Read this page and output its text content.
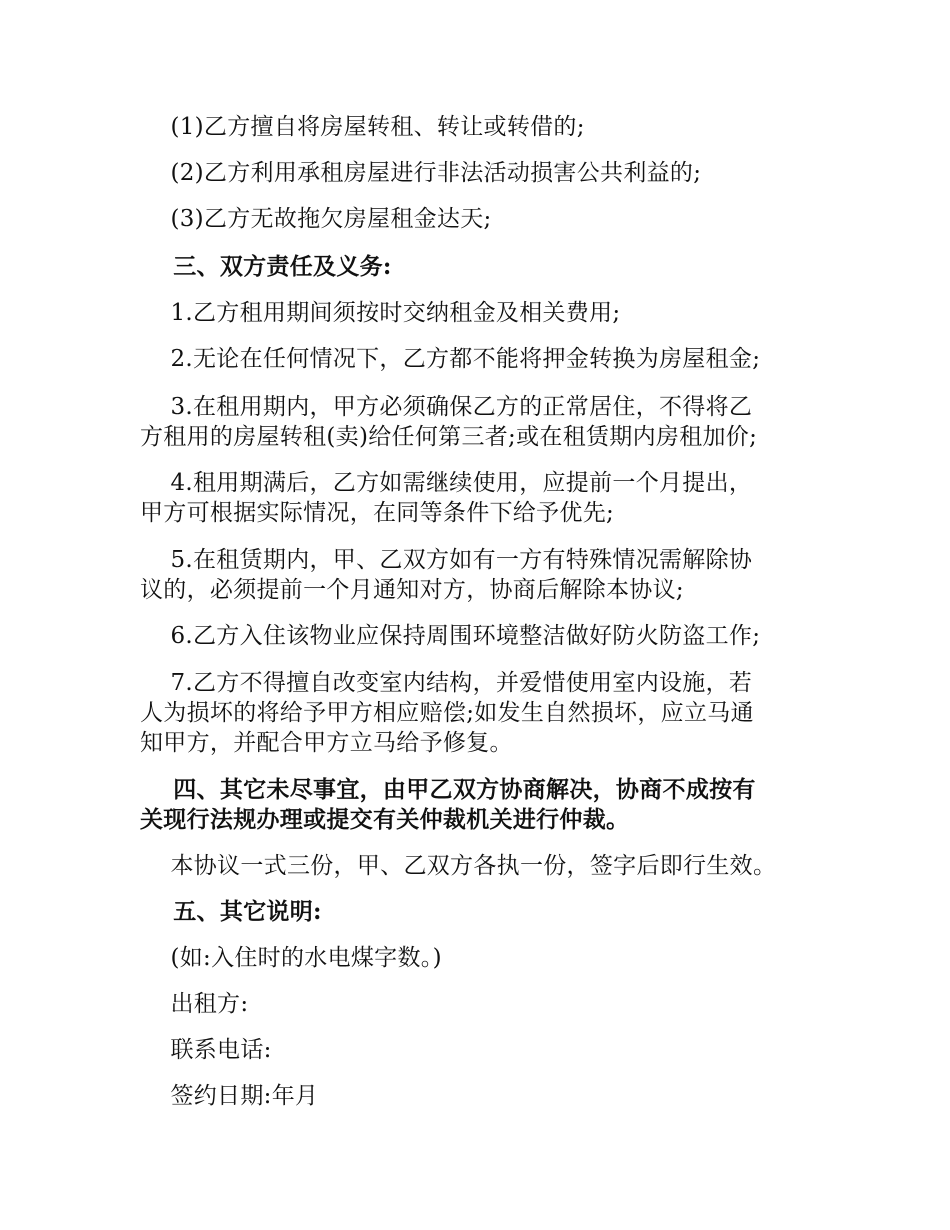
(1)乙方擅自将房屋转租、转让或转借的;
(2)乙方利用承租房屋进行非法活动损害公共利益的;
(3)乙方无故拖欠房屋租金达天;
三、双方责任及义务:
1.乙方租用期间须按时交纳租金及相关费用;
2.无论在任何情况下，乙方都不能将押金转换为房屋租金;
3.在租用期内，甲方必须确保乙方的正常居住，不得将乙
方租用的房屋转租(卖)给任何第三者;或在租赁期内房租加价;
4.租用期满后，乙方如需继续使用，应提前一个月提出，
甲方可根据实际情况，在同等条件下给予优先;
5.在租赁期内，甲、乙双方如有一方有特殊情况需解除协
议的，必须提前一个月通知对方，协商后解除本协议;
6.乙方入住该物业应保持周围环境整洁做好防火防盗工作;
7.乙方不得擅自改变室内结构，并爱惜使用室内设施，若
人为损坏的将给予甲方相应赔偿;如发生自然损坏，应立马通
知甲方，并配合甲方立马给予修复。
四、其它未尽事宜，由甲乙双方协商解决，协商不成按有
关现行法规办理或提交有关仲裁机关进行仲裁。
本协议一式三份，甲、乙双方各执一份，签字后即行生效。
五、其它说明:
(如:入住时的水电煤字数。)
出租方:
联系电话:
签约日期:年月
